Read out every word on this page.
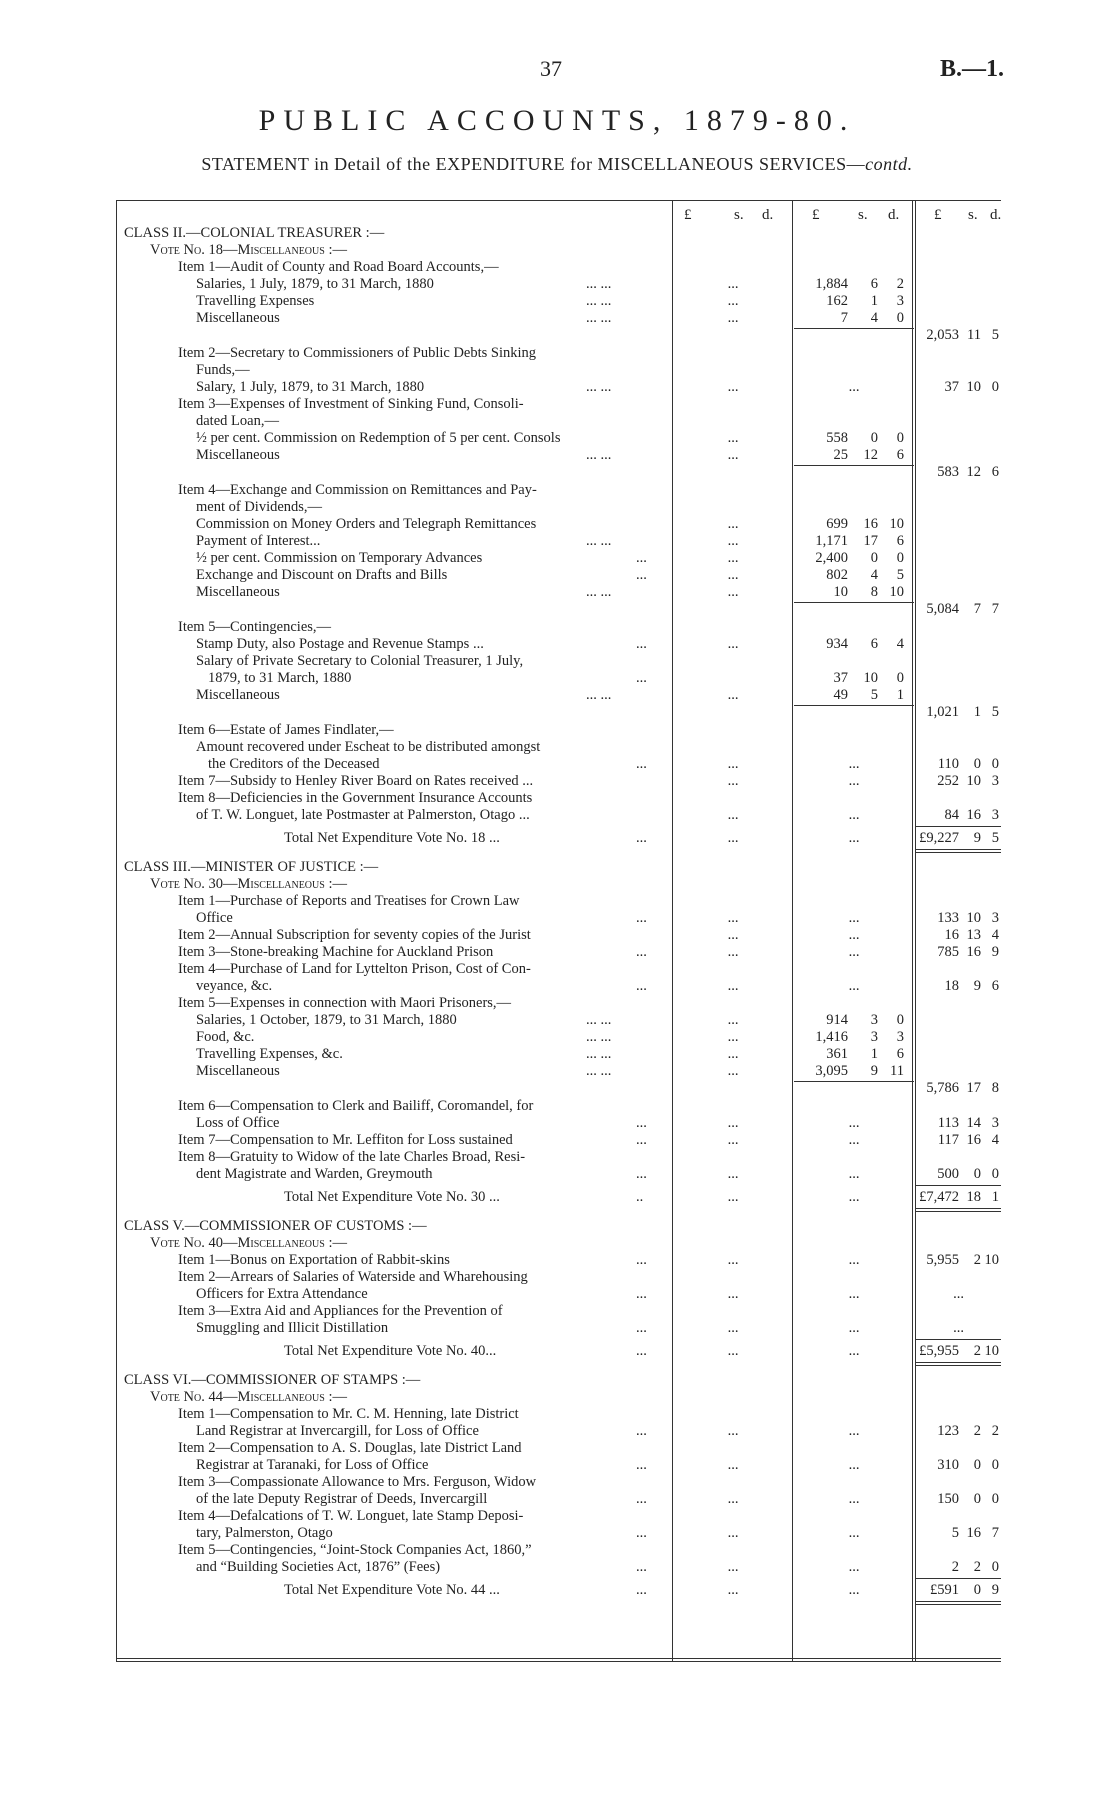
37	B.—1.
PUBLIC ACCOUNTS, 1879-80.
STATEMENT in Detail of the EXPENDITURE for MISCELLANEOUS SERVICES—contd.
£	s. d.	£	s. d. £ s. d.
CLASS II.—COLONIAL TREASURER :—
Vote No. 18—Miscellaneous :—
Item 1—Audit of County and Road Board Accounts,—
Salaries, 1 July, 1879, to 31 March, 1880	... ...	...	1,884 6 2
Travelling Expenses	... ...	...	162 1 3
Miscellaneous	... ...	...	7 4 0
2,053 11 5
Item 2—Secretary to Commissioners of Public Debts Sinking
Funds,—
Salary, 1 July, 1879, to 31 March, 1880	... ...	...	...	37 10 0
Item 3—Expenses of Investment of Sinking Fund, Consoli-
dated Loan,—
½ per cent. Commission on Redemption of 5 per cent. Consols	...	558 0 0
Miscellaneous	... ...	...	25 12 6
583 12 6
Item 4—Exchange and Commission on Remittances and Pay-
ment of Dividends,—
Commission on Money Orders and Telegraph Remittances	...	699 16 10
Payment of Interest...	... ...	...	1,171 17 6
½ per cent. Commission on Temporary Advances	...	...	2,400 0 0
Exchange and Discount on Drafts and Bills	...	...	802 4 5
Miscellaneous	... ...	...	10 8 10
5,084 7 7
Item 5—Contingencies,—
Stamp Duty, also Postage and Revenue Stamps ...	...	...	934 6 4
Salary of Private Secretary to Colonial Treasurer, 1 July,
1879, to 31 March, 1880	...	37 10 0
Miscellaneous	... ...	...	49 5 1
1,021 1 5
Item 6—Estate of James Findlater,—
Amount recovered under Escheat to be distributed amongst
the Creditors of the Deceased	...	...	...	110 0 0
Item 7—Subsidy to Henley River Board on Rates received ...	...	...	252 10 3
Item 8—Deficiencies in the Government Insurance Accounts
of T. W. Longuet, late Postmaster at Palmerston, Otago ...	...	...	84 16 3
Total Net Expenditure Vote No. 18 ...	...	...	...	£9,227 9 5
CLASS III.—MINISTER OF JUSTICE :—
Vote No. 30—Miscellaneous :—
Item 1—Purchase of Reports and Treatises for Crown Law
Office	...	...	...	133 10 3
Item 2—Annual Subscription for seventy copies of the Jurist	...	...	16 13 4
Item 3—Stone-breaking Machine for Auckland Prison	...	...	...	785 16 9
Item 4—Purchase of Land for Lyttelton Prison, Cost of Con-
veyance, &c.	...	...	...	18 9 6
Item 5—Expenses in connection with Maori Prisoners,—
Salaries, 1 October, 1879, to 31 March, 1880	... ...	...	914 3 0
Food, &c.	... ...	...	1,416 3 3
Travelling Expenses, &c.	... ...	...	361 1 6
Miscellaneous	... ...	...	3,095 9 11
5,786 17 8
Item 6—Compensation to Clerk and Bailiff, Coromandel, for
Loss of Office	...	...	...	113 14 3
Item 7—Compensation to Mr. Leffiton for Loss sustained	...	...	...	117 16 4
Item 8—Gratuity to Widow of the late Charles Broad, Resi-
dent Magistrate and Warden, Greymouth	...	...	...	500 0 0
Total Net Expenditure Vote No. 30 ...	..	...	...	£7,472 18 1
CLASS V.—COMMISSIONER OF CUSTOMS :—
Vote No. 40—Miscellaneous :—
Item 1—Bonus on Exportation of Rabbit-skins	...	...	...	5,955 2 10
Item 2—Arrears of Salaries of Waterside and Wharehousing
Officers for Extra Attendance	...	...	...	...
Item 3—Extra Aid and Appliances for the Prevention of
Smuggling and Illicit Distillation	...	...	...	...
Total Net Expenditure Vote No. 40...	...	...	...	£5,955 2 10
CLASS VI.—COMMISSIONER OF STAMPS :—
Vote No. 44—Miscellaneous :—
Item 1—Compensation to Mr. C. M. Henning, late District
Land Registrar at Invercargill, for Loss of Office	...	...	...	123 2 2
Item 2—Compensation to A. S. Douglas, late District Land
Registrar at Taranaki, for Loss of Office	...	...	...	310 0 0
Item 3—Compassionate Allowance to Mrs. Ferguson, Widow
of the late Deputy Registrar of Deeds, Invercargill	...	...	...	150 0 0
Item 4—Defalcations of T. W. Longuet, late Stamp Deposi-
tary, Palmerston, Otago	...	...	...	5 16 7
Item 5—Contingencies, “Joint-Stock Companies Act, 1860,”
and “Building Societies Act, 1876” (Fees)	...	...	...	2 2 0
Total Net Expenditure Vote No. 44 ...	...	...	...	£591 0 9
